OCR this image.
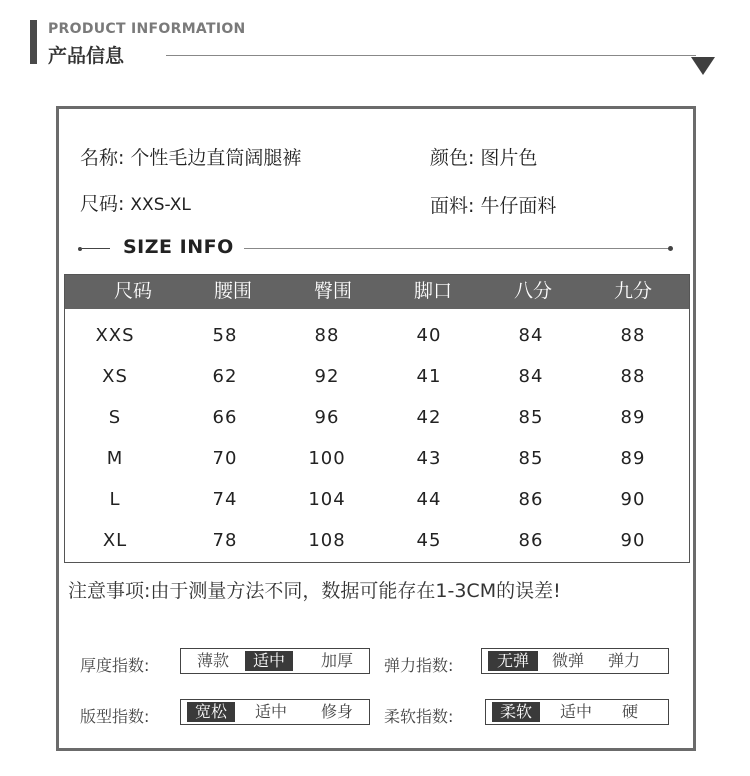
PRODUCT INFORMATION
产品信息
名称: 个性毛边直筒阔腿裤	颜色: 图片色
尺码: XXS-XL	面料: 牛仔面料
SIZE INFO
尺码	腰围	臀围	脚口	八分	九分
XXS	58	88	40	84	88
XS	62	92	41	84	88
S	66	96	42	85	89
M	70	100	43	85	89
L	74	104	44	86	90
XL	78	108	45	86	90
注意事项:由于测量方法不同，数据可能存在1-3CM的误差!
厚度指数:	薄款	适中	加厚	弹力指数:	无弹	微弹	弹力
版型指数:	宽松	适中	修身	柔软指数:	柔软	适中	硬
